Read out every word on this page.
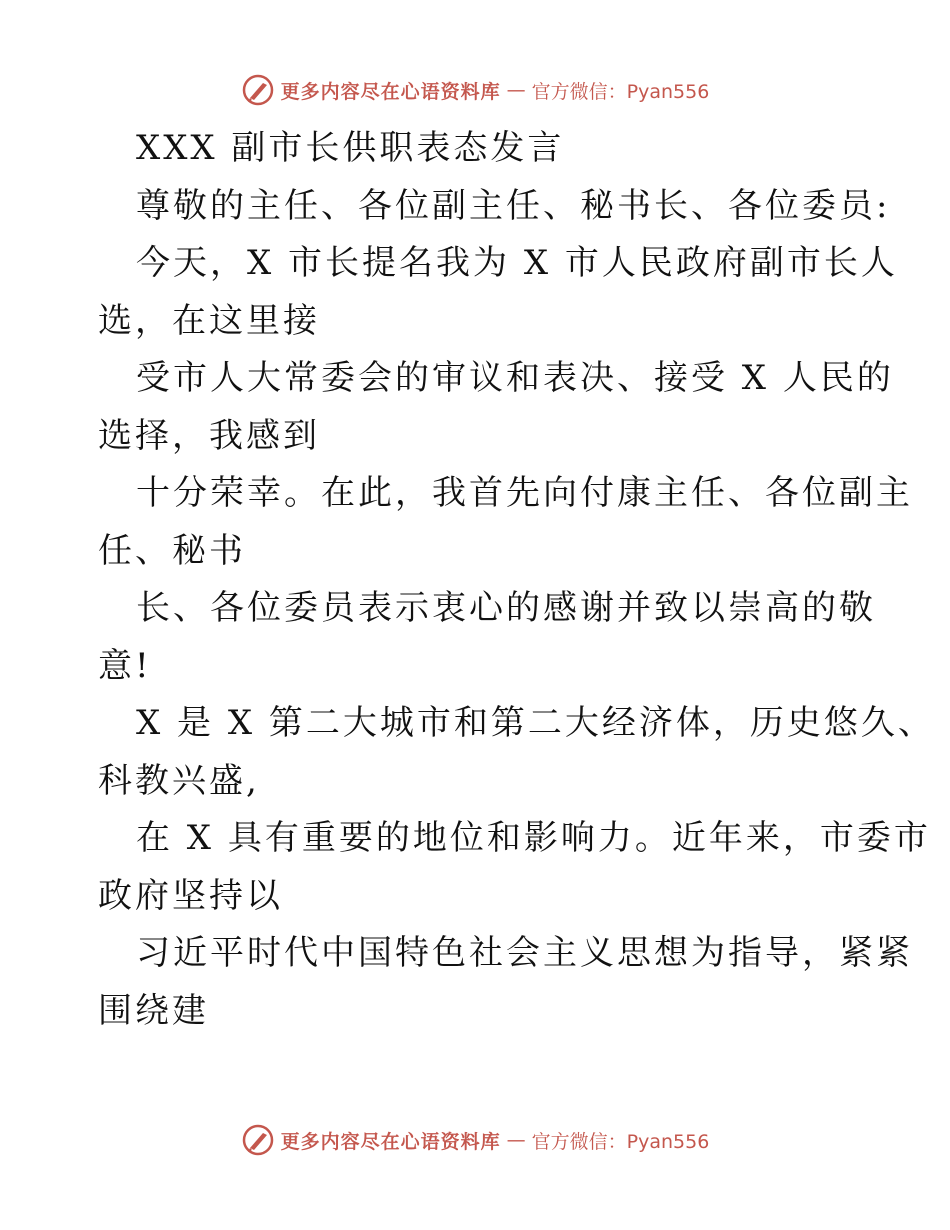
更多内容尽在心语资料库 — 官方微信：Pyan556
XXX 副市长供职表态发言
尊敬的主任、各位副主任、秘书长、各位委员:
今天，X 市长提名我为 X 市人民政府副市长人
选，在这里接
受市人大常委会的审议和表决、接受 X 人民的
选择，我感到
十分荣幸。在此，我首先向付康主任、各位副主
任、秘书
长、各位委员表示衷心的感谢并致以崇高的敬
意!
X 是 X 第二大城市和第二大经济体，历史悠久、
科教兴盛,
在 X 具有重要的地位和影响力。近年来，市委市
政府坚持以
习近平时代中国特色社会主义思想为指导，紧紧
围绕建
更多内容尽在心语资料库 — 官方微信：Pyan556
